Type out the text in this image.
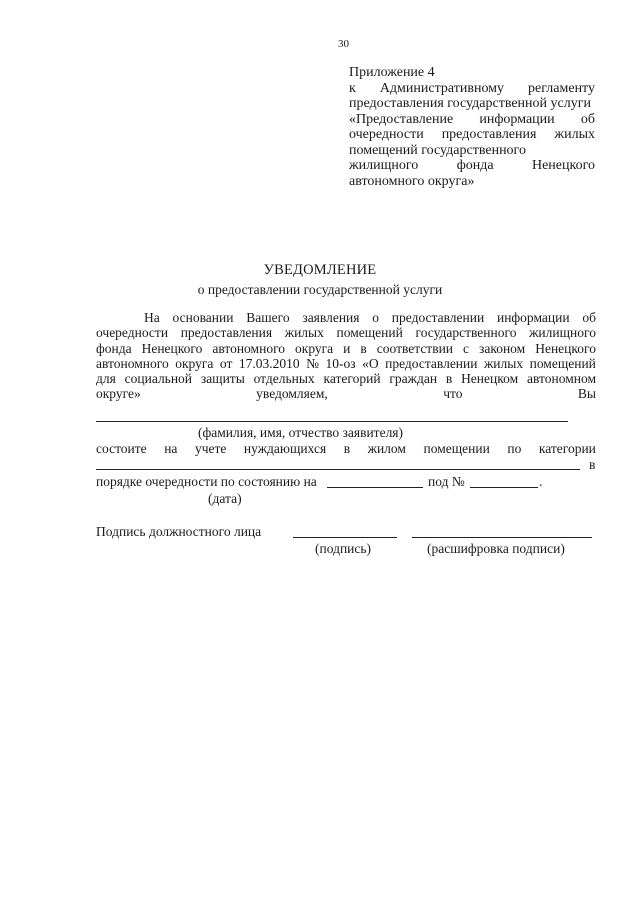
30
Приложение 4
к Административному регламенту
предоставления государственной услуги
«Предоставление информации об
очередности предоставления жилых
помещений государственного
жилищного	фонда	Ненецкого
автономного округа»
УВЕДОМЛЕНИЕ
о предоставлении государственной услуги
На основании Вашего заявления о предоставлении информации об
очередности предоставления жилых помещений государственного жилищного
фонда Ненецкого автономного округа и в соответствии с законом Ненецкого
автономного округа от 17.03.2010 № 10-оз «О предоставлении жилых помещений
для социальной защиты отдельных категорий граждан в Ненецком автономном
округе»	уведомляем,	что	Вы
(фамилия, имя, отчество заявителя)
состоите на учете нуждающихся в жилом помещении по категории
в
порядке очередности по состоянию на	под №	.
(дата)
Подпись должностного лица
(подпись)	(расшифровка подписи)
